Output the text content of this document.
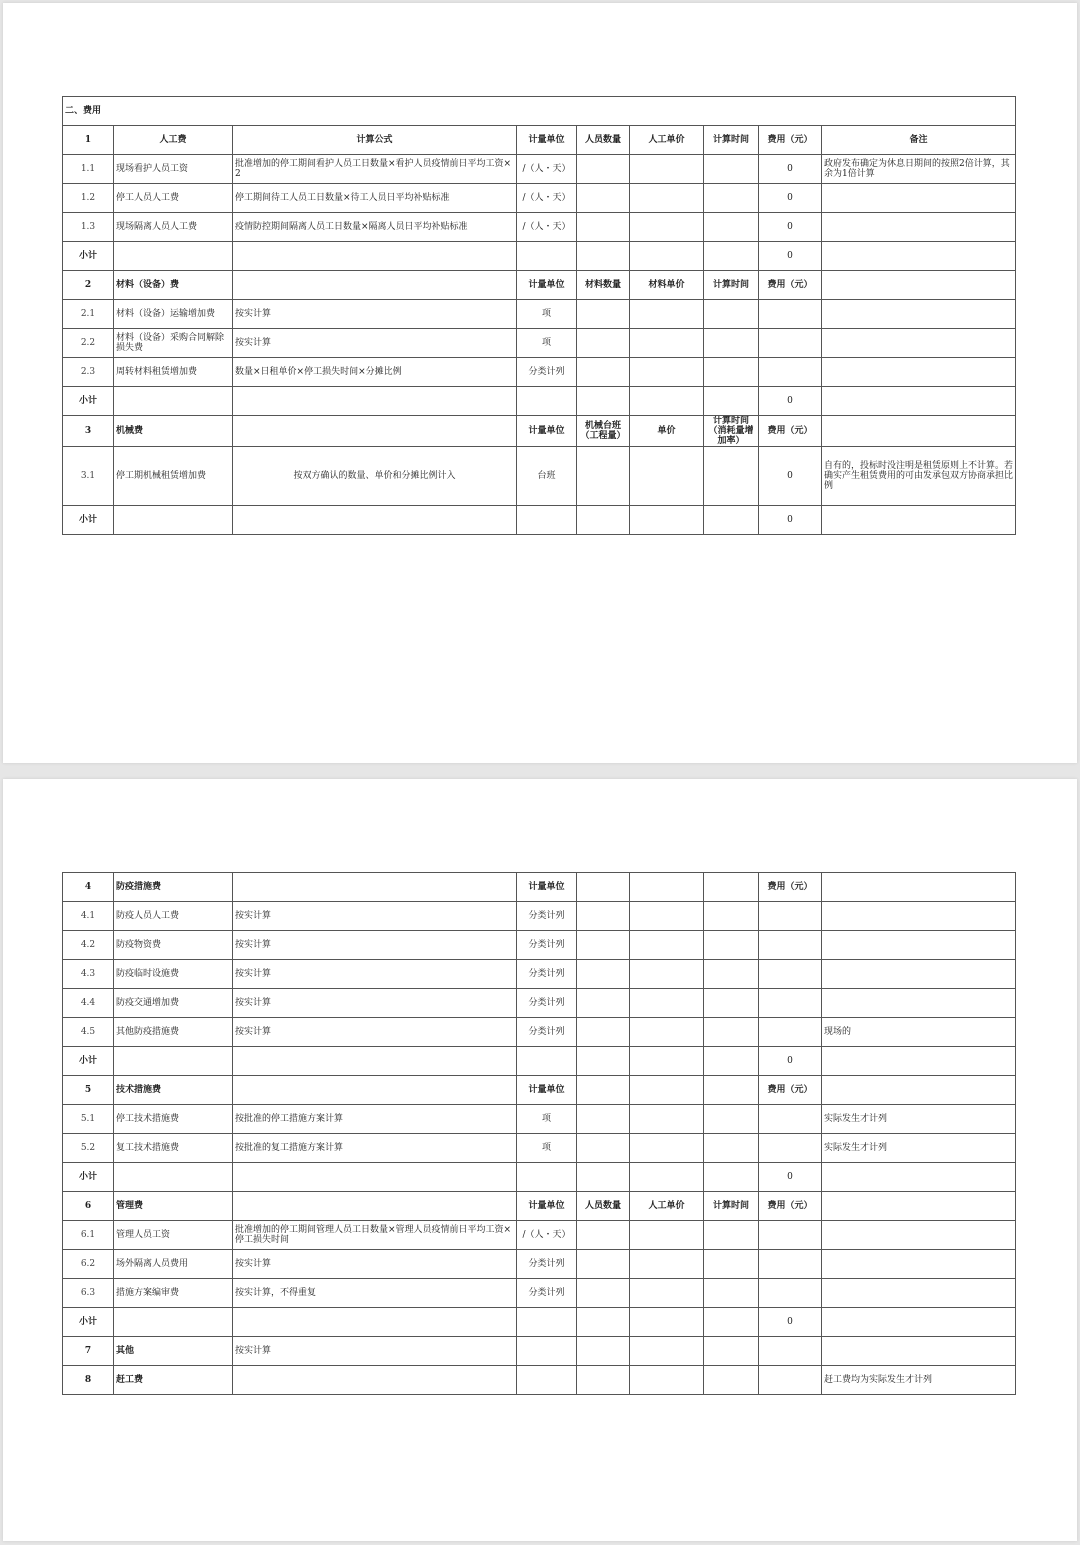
二、费用								
1	人工费	计算公式	计量单位	人员数量	人工单价	计算时间	费用（元）	备注
1.1	现场看护人员工资	批准增加的停工期间看护人员工日数量×看护人员疫情前日平均工资×2	/（人・天）				0	政府发布确定为休息日期间的按照2倍计算，其余为1倍计算
1.2	停工人员人工费	停工期间待工人员工日数量×待工人员日平均补贴标准	/（人・天）				0	
1.3	现场隔离人员人工费	疫情防控期间隔离人员工日数量×隔离人员日平均补贴标准	/（人・天）				0	
小计							0	
2	材料（设备）费		计量单位	材料数量	材料单价	计算时间	费用（元）	
2.1	材料（设备）运输增加费	按实计算	项					
2.2	材料（设备）采购合同解除损失费	按实计算	项					
2.3	周转材料租赁增加费	数量×日租单价×停工损失时间×分摊比例	分类计列					
小计							0	
3	机械费		计量单位	机械台班（工程量）	单价	计算时间（消耗量增加率）	费用（元）	
3.1	停工期机械租赁增加费	按双方确认的数量、单价和分摊比例计入	台班				0	自有的，投标时没注明是租赁原则上不计算。若确实产生租赁费用的可由发承包双方协商承担比例
小计							0	
4	防疫措施费		计量单位				费用（元）	
4.1	防疫人员人工费	按实计算	分类计列					
4.2	防疫物资费	按实计算	分类计列					
4.3	防疫临时设施费	按实计算	分类计列					
4.4	防疫交通增加费	按实计算	分类计列					
4.5	其他防疫措施费	按实计算	分类计列					现场的
小计							0	
5	技术措施费		计量单位				费用（元）	
5.1	停工技术措施费	按批准的停工措施方案计算	项					实际发生才计列
5.2	复工技术措施费	按批准的复工措施方案计算	项					实际发生才计列
小计							0	
6	管理费		计量单位	人员数量	人工单价	计算时间	费用（元）	
6.1	管理人员工资	批准增加的停工期间管理人员工日数量×管理人员疫情前日平均工资×停工损失时间	/（人・天）					
6.2	场外隔离人员费用	按实计算	分类计列					
6.3	措施方案编审费	按实计算，不得重复	分类计列					
小计							0	
7	其他	按实计算						
8	赶工费							赶工费均为实际发生才计列
